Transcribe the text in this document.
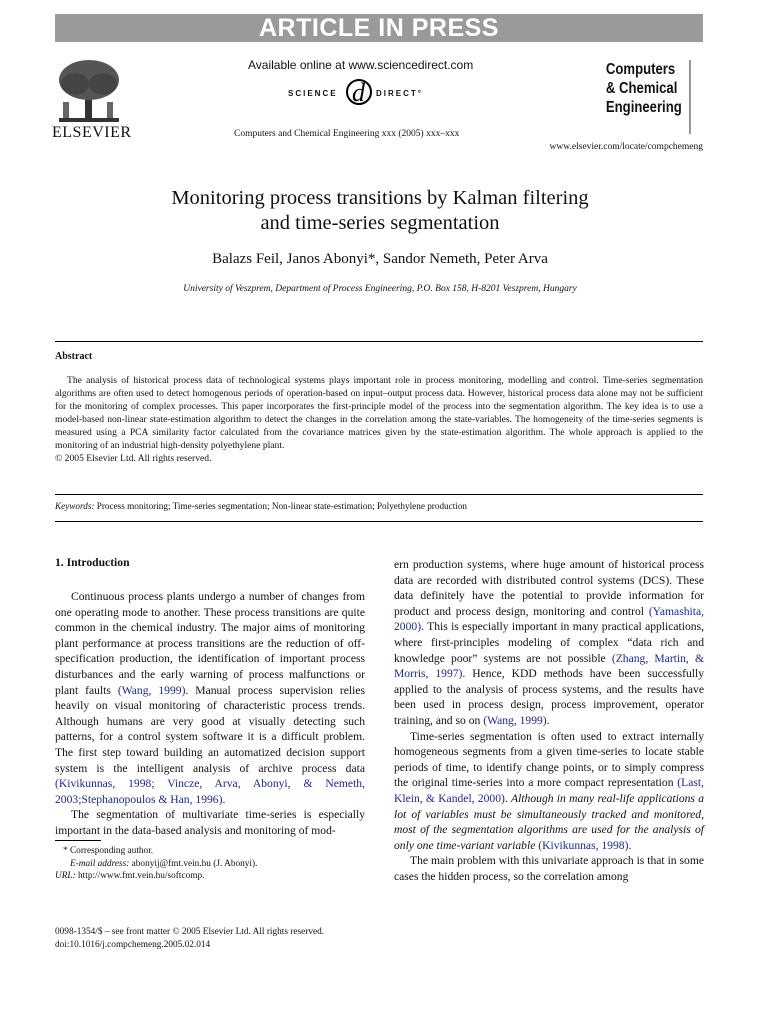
ARTICLE IN PRESS
ELSEVIER
Available online at www.sciencedirect.com
SCIENCE d DIRECT°
Computers and Chemical Engineering xxx (2005) xxx–xxx
Computers
& Chemical
Engineering
www.elsevier.com/locate/compchemeng
Monitoring process transitions by Kalman filtering
and time-series segmentation
Balazs Feil, Janos Abonyi*, Sandor Nemeth, Peter Arva
University of Veszprem, Department of Process Engineering, P.O. Box 158, H-8201 Veszprem, Hungary
Abstract

The analysis of historical process data of technological systems plays important role in process monitoring, modelling and control. Time-series segmentation algorithms are often used to detect homogenous periods of operation-based on input–output process data. However, historical process data alone may not be sufficient for the monitoring of complex processes. This paper incorporates the first-principle model of the process into the segmentation algorithm. The key idea is to use a model-based non-linear state-estimation algorithm to detect the changes in the correlation among the state-variables. The homogeneity of the time-series segments is measured using a PCA similarity factor calculated from the covariance matrices given by the state-estimation algorithm. The whole approach is applied to the monitoring of an industrial high-density polyethylene plant.

© 2005 Elsevier Ltd. All rights reserved.

Keywords: Process monitoring; Time-series segmentation; Non-linear state-estimation; Polyethylene production
1. Introduction

Continuous process plants undergo a number of changes from one operating mode to another. These process transitions are quite common in the chemical industry. The major aims of monitoring plant performance at process transitions are the reduction of off-specification production, the identification of important process disturbances and the early warning of process malfunctions or plant faults (Wang, 1999). Manual process supervision relies heavily on visual monitoring of characteristic process trends. Although humans are very good at visually detecting such patterns, for a control system software it is a difficult problem. The first step toward building an automatized decision support system is the intelligent analysis of archive process data (Kivikunnas, 1998; Vincze, Arva, Abonyi, & Nemeth, 2003;Stephanopoulos & Han, 1996).

The segmentation of multivariate time-series is especially important in the data-based analysis and monitoring of mod-

ern production systems, where huge amount of historical process data are recorded with distributed control systems (DCS). These data definitely have the potential to provide information for product and process design, monitoring and control (Yamashita, 2000). This is especially important in many practical applications, where first-principles modeling of complex “data rich and knowledge poor” systems are not possible (Zhang, Martin, & Morris, 1997). Hence, KDD methods have been successfully applied to the analysis of process systems, and the results have been used in process design, process improvement, operator training, and so on (Wang, 1999).

Time-series segmentation is often used to extract internally homogeneous segments from a given time-series to locate stable periods of time, to identify change points, or to simply compress the original time-series into a more compact representation (Last, Klein, & Kandel, 2000). Although in many real-life applications a lot of variables must be simultaneously tracked and monitored, most of the segmentation algorithms are used for the analysis of only one time-variant variable (Kivikunnas, 1998).

The main problem with this univariate approach is that in some cases the hidden process, so the correlation among

* Corresponding author.
E-mail address: abonyij@fmt.vein.hu (J. Abonyi).
URL: http://www.fmt.vein.hu/softcomp.
0098-1354/$ – see front matter © 2005 Elsevier Ltd. All rights reserved.
doi:10.1016/j.compchemeng.2005.02.014
